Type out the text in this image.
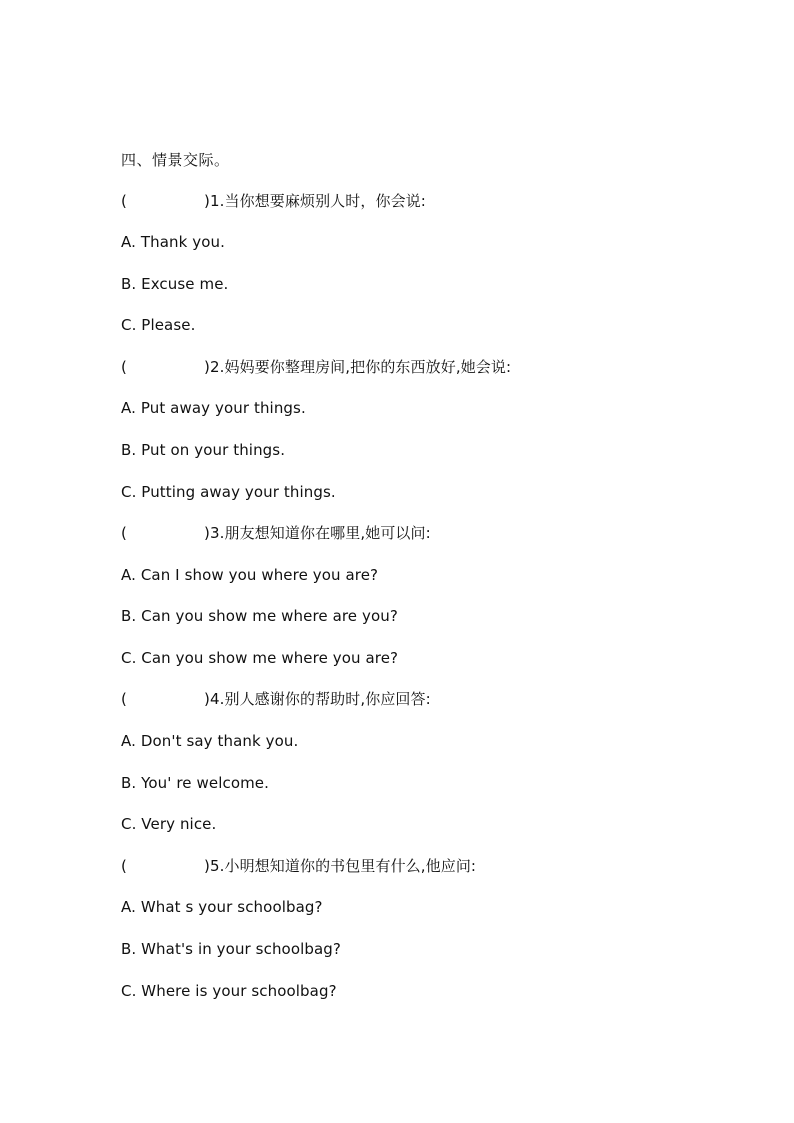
四、情景交际。
(	)1.当你想要麻烦别人时，你会说:
A. Thank you.
B. Excuse me.
C. Please.
(	)2.妈妈要你整理房间,把你的东西放好,她会说:
A. Put away your things.
B. Put on your things.
C. Putting away your things.
(	)3.朋友想知道你在哪里,她可以问:
A. Can I show you where you are?
B. Can you show me where are you?
C. Can you show me where you are?
(	)4.别人感谢你的帮助时,你应回答:
A. Don't say thank you.
B. You' re welcome.
C. Very nice.
(	)5.小明想知道你的书包里有什么,他应问:
A. What s your schoolbag?
B. What's in your schoolbag?
C. Where is your schoolbag?
